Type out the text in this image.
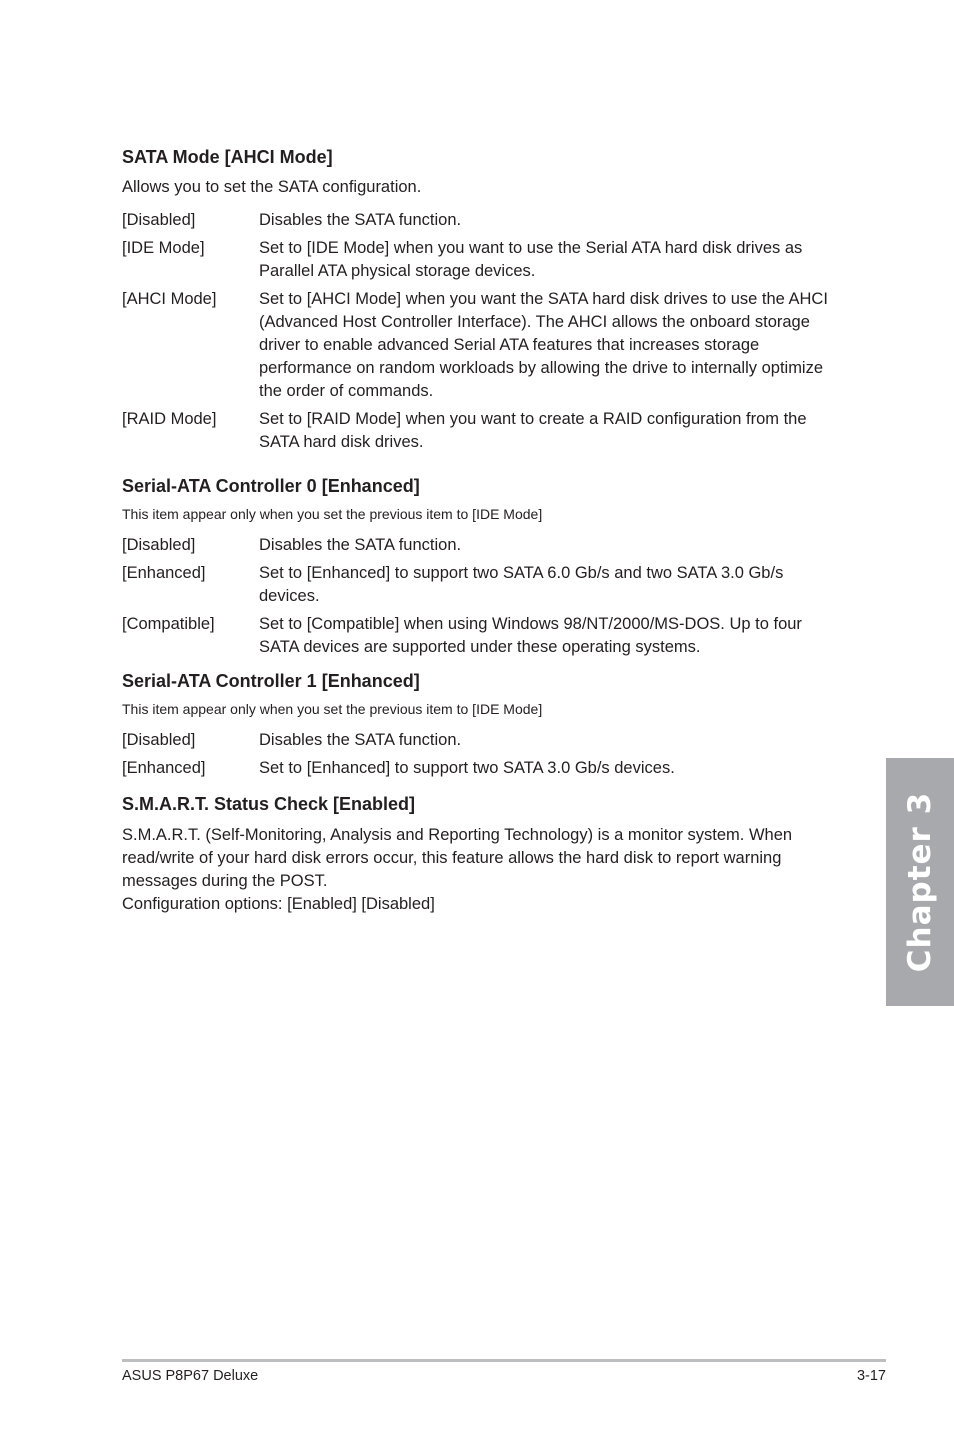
SATA Mode [AHCI Mode]

Allows you to set the SATA configuration.

[Disabled]	Disables the SATA function.
[IDE Mode]	Set to [IDE Mode] when you want to use the Serial ATA hard disk drives as Parallel ATA physical storage devices.
[AHCI Mode]	Set to [AHCI Mode] when you want the SATA hard disk drives to use the AHCI (Advanced Host Controller Interface). The AHCI allows the onboard storage driver to enable advanced Serial ATA features that increases storage performance on random workloads by allowing the drive to internally optimize the order of commands.
[RAID Mode]	Set to [RAID Mode] when you want to create a RAID configuration from the SATA hard disk drives.
Serial-ATA Controller 0 [Enhanced]

This item appear only when you set the previous item to [IDE Mode]

[Disabled]	Disables the SATA function.
[Enhanced]	Set to [Enhanced] to support two SATA 6.0 Gb/s and two SATA 3.0 Gb/s devices.
[Compatible]	Set to [Compatible] when using Windows 98/NT/2000/MS-DOS. Up to four SATA devices are supported under these operating systems.
Serial-ATA Controller 1 [Enhanced]

This item appear only when you set the previous item to [IDE Mode]

[Disabled]	Disables the SATA function.
[Enhanced]	Set to [Enhanced] to support two SATA 3.0 Gb/s devices.
S.M.A.R.T. Status Check [Enabled]

S.M.A.R.T. (Self-Monitoring, Analysis and Reporting Technology) is a monitor system. When read/write of your hard disk errors occur, this feature allows the hard disk to report warning messages during the POST.

Configuration options: [Enabled] [Disabled]	Chapter 3
ASUS P8P67 Deluxe	3-17
